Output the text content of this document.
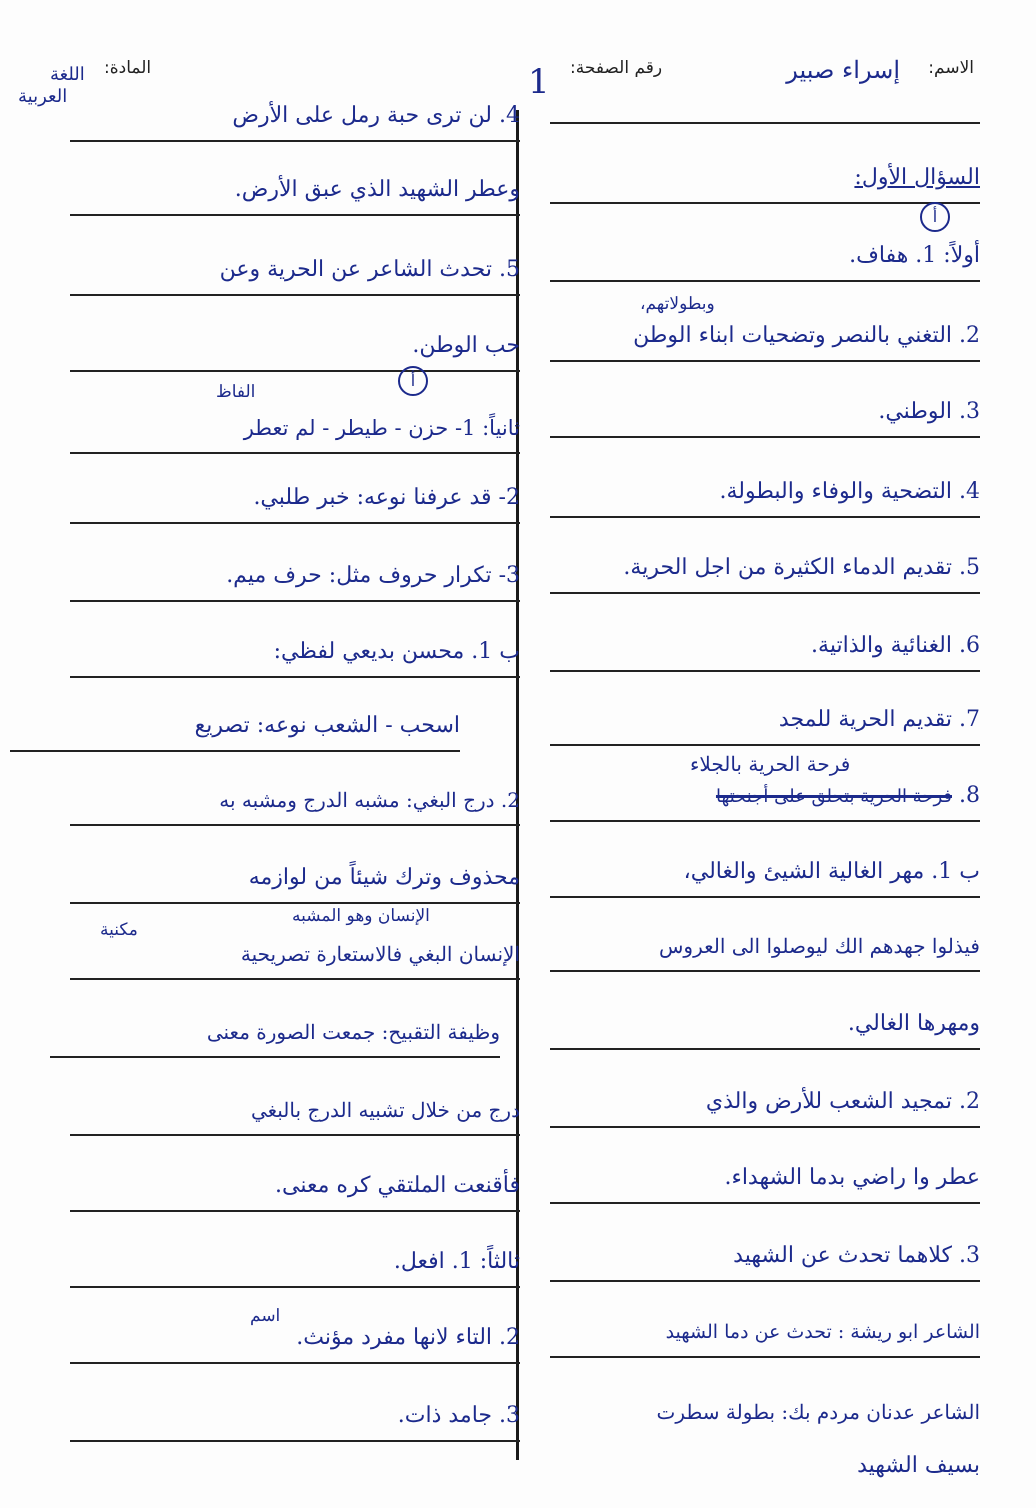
الاسم:
إسراء صبير
رقم الصفحة:
1
المادة:
اللغة
العربية
السؤال الأول:
أ
أولاً: 1. هفاف.
وبطولاتهم،
2. التغني بالنصر وتضحيات ابناء الوطن
3. الوطني.
4. التضحية والوفاء والبطولة.
5. تقديم الدماء الكثيرة من اجل الحرية.
6. الغنائية والذاتية.
7. تقديم الحرية للمجد
فرحة الحرية بالجلاء
8. فرحة الحرية بتحلق على أجنحتها
ب 1. مهر الغالية الشيئ والغالي،
فيذلوا جهدهم الك ليوصلوا الى العروس
ومهرها الغالي.
2. تمجيد الشعب للأرض والذي
عطر وا راضي بدما الشهداء.
3. كلاهما تحدث عن الشهيد
الشاعر ابو ريشة : تحدث عن دما الشهيد
الشاعر عدنان مردم بك: بطولة سطرت
بسيف الشهيد
4. لن ترى حبة رمل على الأرض
وعطر الشهيد الذي عبق الأرض.
5. تحدث الشاعر عن الحرية وعن
حب الوطن.
الفاظ
أ
ثانياً: 1- حزن - طيطر - لم تعطر
2- قد عرفنا نوعه: خبر طلبي.
3- تكرار حروف مثل: حرف ميم.
ب 1. محسن بديعي لفظي:
اسحب - الشعب نوعه: تصريع
2. درج البغي: مشبه الدرج ومشبه به
محذوف وترك شيئاً من لوازمه
الإنسان وهو المشبه
مكنية
الإنسان البغي فالاستعارة تصريحية
وظيفة التقبيح: جمعت الصورة معنى
درج من خلال تشبيه الدرج بالبغي
فأقنعت الملتقي كره معنى.
ثالثاً: 1. افعل.
اسم
2. التاء لانها مفرد مؤنث.
3. جامد ذات.
